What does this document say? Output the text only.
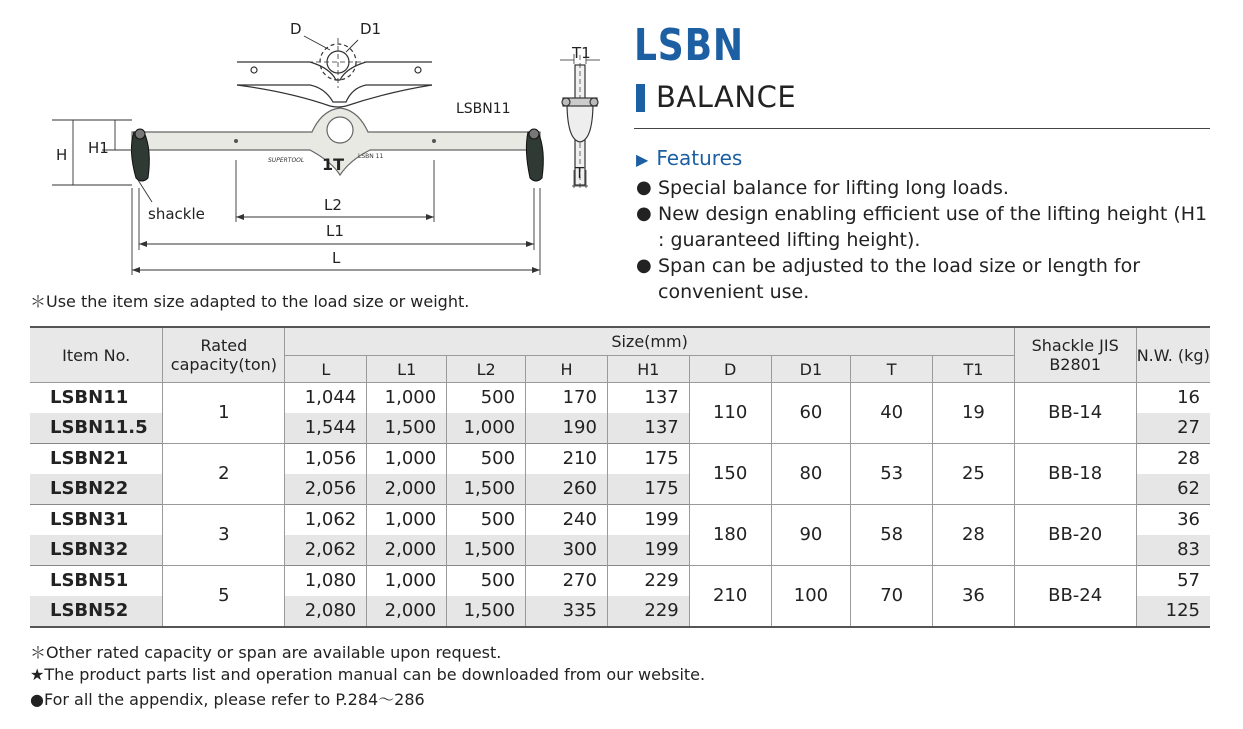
D	D1
T1
T
LSBN11
SUPERTOOL
LSBN 11
1T
H H1
shackle	L2
L1
L
LSBN
BALANCE
▶ Features
● Special balance for lifting long loads.
● New design enabling efficient use of the lifting height (H1 : guaranteed lifting height).
● Span can be adjusted to the load size or length for convenient use.
＊Use the item size adapted to the load size or weight.
Item No.	Rated capacity(ton)	Size(mm)									Shackle JIS B2801	N.W. (kg)
		L	L1	L2	H	H1	D	D1	T	T1		
LSBN11	1	1,044	1,000	500	170	137	110	60	40	19	BB-14	16
LSBN11.5		1,544	1,500	1,000	190	137						27
LSBN21	2	1,056	1,000	500	210	175	150	80	53	25	BB-18	28
LSBN22		2,056	2,000	1,500	260	175						62
LSBN31	3	1,062	1,000	500	240	199	180	90	58	28	BB-20	36
LSBN32		2,062	2,000	1,500	300	199						83
LSBN51	5	1,080	1,000	500	270	229	210	100	70	36	BB-24	57
LSBN52		2,080	2,000	1,500	335	229						125
＊Other rated capacity or span are available upon request.
★The product parts list and operation manual can be downloaded from our website.
●For all the appendix, please refer to P.284～286
